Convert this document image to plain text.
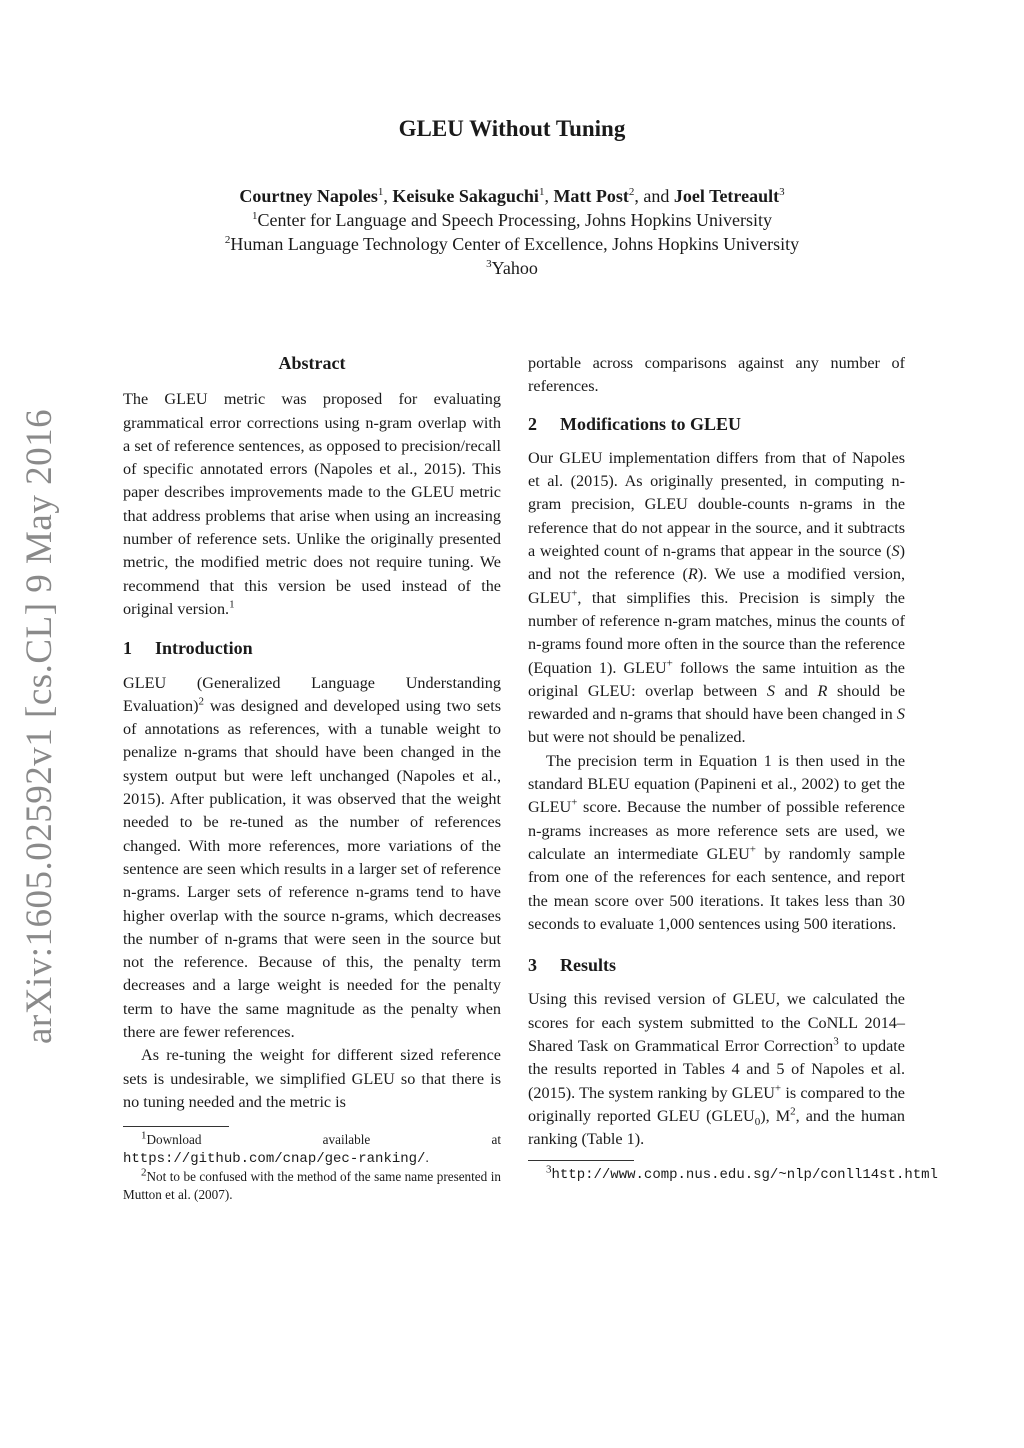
arXiv:1605.02592v1 [cs.CL] 9 May 2016
GLEU Without Tuning
Courtney Napoles$^1$, Keisuke Sakaguchi$^1$, Matt Post$^2$, and Joel Tetreault$^3$
$^1$Center for Language and Speech Processing, Johns Hopkins University
$^2$Human Language Technology Center of Excellence, Johns Hopkins University
$^3$Yahoo
Abstract

The GLEU metric was proposed for evaluating grammatical error corrections using n-gram overlap with a set of reference sentences, as opposed to precision/recall of specific annotated errors (Napoles et al., 2015). This paper describes improvements made to the GLEU metric that address problems that arise when using an increasing number of reference sets. Unlike the originally presented metric, the modified metric does not require tuning. We recommend that this version be used instead of the original version.$^1$

1 Introduction

GLEU (Generalized Language Understanding Evaluation)$^2$ was designed and developed using two sets of annotations as references, with a tunable weight to penalize n-grams that should have been changed in the system output but were left unchanged (Napoles et al., 2015). After publication, it was observed that the weight needed to be re-tuned as the number of references changed. With more references, more variations of the sentence are seen which results in a larger set of reference n-grams. Larger sets of reference n-grams tend to have higher overlap with the source n-grams, which decreases the number of n-grams that were seen in the source but not the reference. Because of this, the penalty term decreases and a large weight is needed for the penalty term to have the same magnitude as the penalty when there are fewer references.

As re-tuning the weight for different sized reference sets is undesirable, we simplified GLEU so that there is no tuning needed and the metric is

$^1$Download available at https://github.com/cnap/gec-ranking/.

$^2$Not to be confused with the method of the same name presented in Mutton et al. (2007).

portable across comparisons against any number of references.

2 Modifications to GLEU

Our GLEU implementation differs from that of Napoles et al. (2015). As originally presented, in computing n-gram precision, GLEU double-counts n-grams in the reference that do not appear in the source, and it subtracts a weighted count of n-grams that appear in the source (S) and not the reference (R). We use a modified version, GLEU+, that simplifies this. Precision is simply the number of reference n-gram matches, minus the counts of n-grams found more often in the source than the reference (Equation 1). GLEU+ follows the same intuition as the original GLEU: overlap between S and R should be rewarded and n-grams that should have been changed in S but were not should be penalized.

The precision term in Equation 1 is then used in the standard BLEU equation (Papineni et al., 2002) to get the GLEU+ score. Because the number of possible reference n-grams increases as more reference sets are used, we calculate an intermediate GLEU+ by randomly sample from one of the references for each sentence, and report the mean score over 500 iterations. It takes less than 30 seconds to evaluate 1,000 sentences using 500 iterations.

3 Results

Using this revised version of GLEU, we calculated the scores for each system submitted to the CoNLL 2014–Shared Task on Grammatical Error Correction$^3$ to update the results reported in Tables 4 and 5 of Napoles et al. (2015). The system ranking by GLEU+ is compared to the originally reported GLEU $(GLEU_0)$, $M^2$, and the human ranking (Table 1).

$^3$http://www.comp.nus.edu.sg/~nlp/conll14st.html
